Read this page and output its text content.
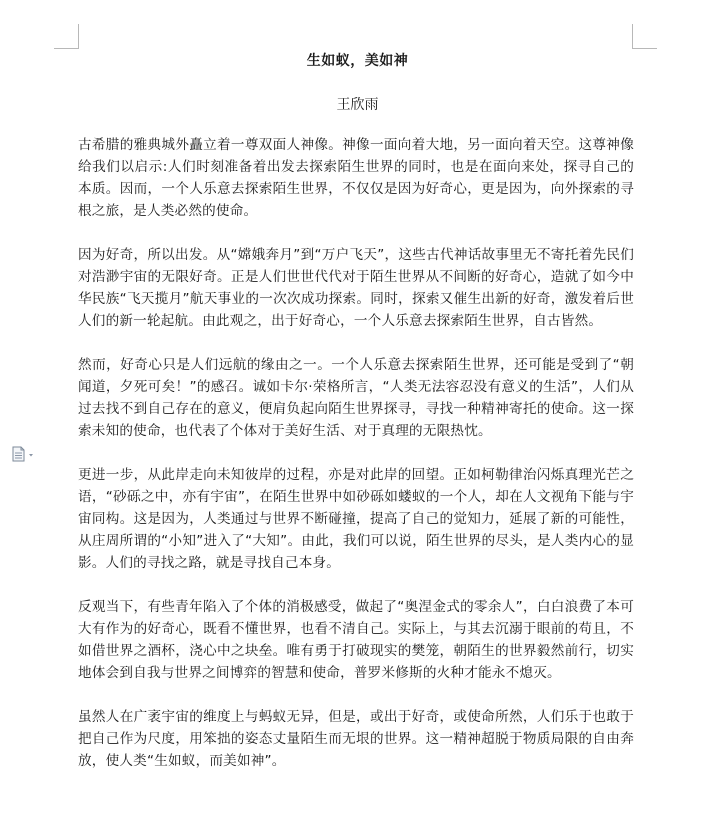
生如蚁，美如神
王欣雨

古希腊的雅典城外矗立着一尊双面人神像。神像一面向着大地，另一面向着天空。这尊神像给我们以启示:人们时刻准备着出发去探索陌生世界的同时，也是在面向来处，探寻自己的本质。因而，一个人乐意去探索陌生世界，不仅仅是因为好奇心，更是因为，向外探索的寻根之旅，是人类必然的使命。

因为好奇，所以出发。从“嫦娥奔月”到“万户飞天”，这些古代神话故事里无不寄托着先民们对浩渺宇宙的无限好奇。正是人们世世代代对于陌生世界从不间断的好奇心，造就了如今中华民族“飞天揽月”航天事业的一次次成功探索。同时，探索又催生出新的好奇，激发着后世人们的新一轮起航。由此观之，出于好奇心，一个人乐意去探索陌生世界，自古皆然。

然而，好奇心只是人们远航的缘由之一。一个人乐意去探索陌生世界，还可能是受到了“朝闻道，夕死可矣！”的感召。诚如卡尔·荣格所言，“人类无法容忍没有意义的生活”，人们从过去找不到自己存在的意义，便肩负起向陌生世界探寻，寻找一种精神寄托的使命。这一探索未知的使命，也代表了个体对于美好生活、对于真理的无限热忱。

更进一步，从此岸走向未知彼岸的过程，亦是对此岸的回望。正如柯勒律治闪烁真理光芒之语，“砂砾之中，亦有宇宙”，在陌生世界中如砂砾如蝼蚁的一个人，却在人文视角下能与宇宙同构。这是因为，人类通过与世界不断碰撞，提高了自己的觉知力，延展了新的可能性，从庄周所谓的“小知”进入了“大知”。由此，我们可以说，陌生世界的尽头，是人类内心的显影。人们的寻找之路，就是寻找自己本身。

反观当下，有些青年陷入了个体的消极感受，做起了“奥涅金式的零余人”，白白浪费了本可大有作为的好奇心，既看不懂世界，也看不清自己。实际上，与其去沉溺于眼前的苟且，不如借世界之酒杯，浇心中之块垒。唯有勇于打破现实的樊笼，朝陌生的世界毅然前行，切实地体会到自我与世界之间博弈的智慧和使命，普罗米修斯的火种才能永不熄灭。

虽然人在广袤宇宙的维度上与蚂蚁无异，但是，或出于好奇，或使命所然，人们乐于也敢于把自己作为尺度，用笨拙的姿态丈量陌生而无垠的世界。这一精神超脱于物质局限的自由奔放，使人类“生如蚁，而美如神”。
